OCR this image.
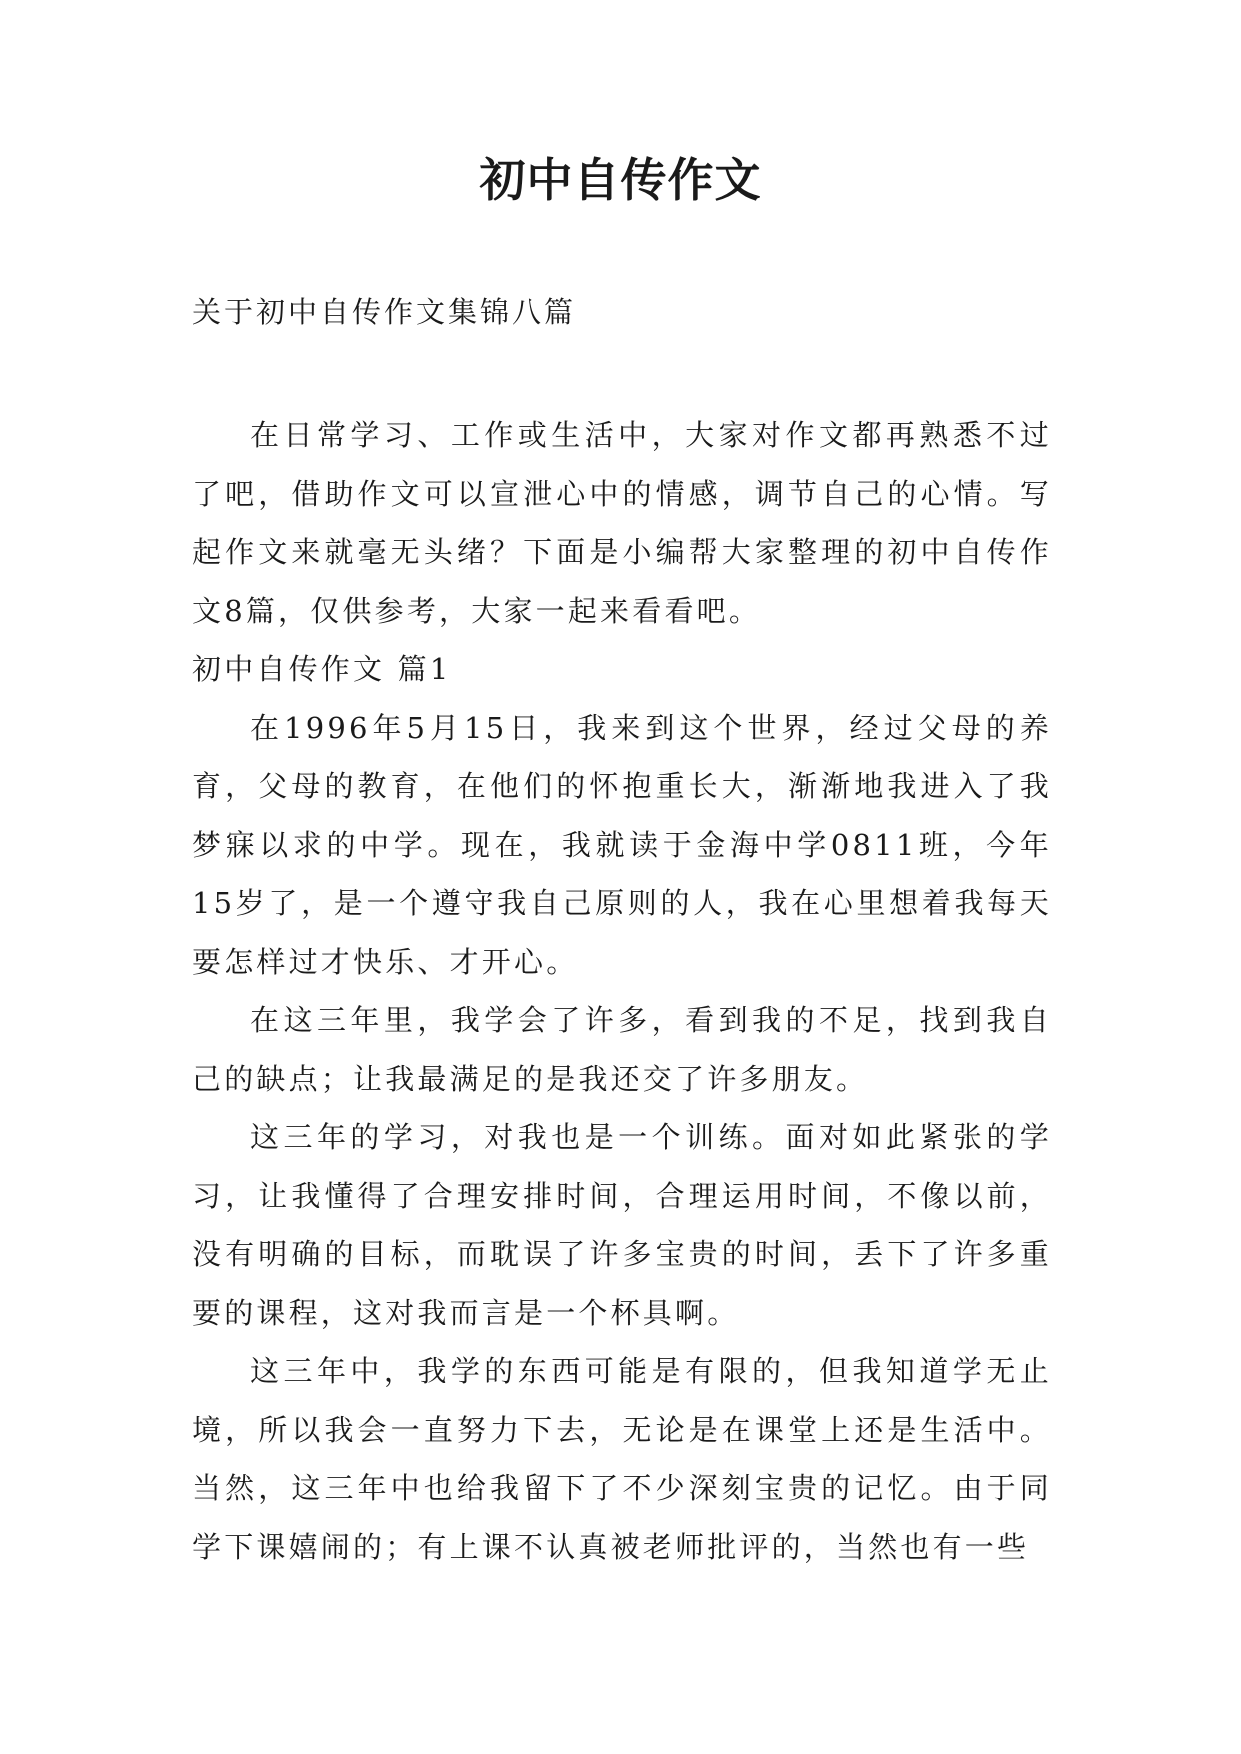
初中自传作文

关于初中自传作文集锦八篇

在日常学习、工作或生活中，大家对作文都再熟悉不过了吧，借助作文可以宣泄心中的情感，调节自己的心情。写起作文来就毫无头绪？下面是小编帮大家整理的初中自传作文8篇，仅供参考，大家一起来看看吧。

初中自传作文 篇1

在1996年5月15日，我来到这个世界，经过父母的养育，父母的教育，在他们的怀抱重长大，渐渐地我进入了我梦寐以求的中学。现在，我就读于金海中学0811班，今年15岁了，是一个遵守我自己原则的人，我在心里想着我每天要怎样过才快乐、才开心。

在这三年里，我学会了许多，看到我的不足，找到我自己的缺点；让我最满足的是我还交了许多朋友。

这三年的学习，对我也是一个训练。面对如此紧张的学习，让我懂得了合理安排时间，合理运用时间，不像以前，没有明确的目标，而耽误了许多宝贵的时间，丢下了许多重要的课程，这对我而言是一个杯具啊。

这三年中，我学的东西可能是有限的，但我知道学无止境，所以我会一直努力下去，无论是在课堂上还是生活中。当然，这三年中也给我留下了不少深刻宝贵的记忆。由于同学下课嬉闹的；有上课不认真被老师批评的，当然也有一些
